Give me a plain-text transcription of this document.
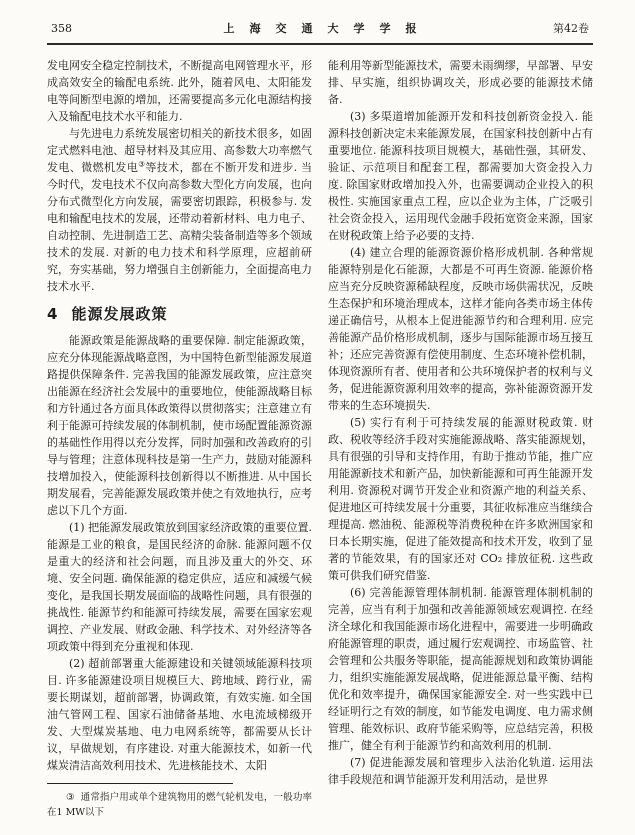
358	上海交通大学学报	第42卷

发电网安全稳定控制技术，不断提高电网管理水平，形成高效安全的输配电系统. 此外，随着风电、太阳能发电等间断型电源的增加，还需要提高多元化电源结构接入及输配电技术水平和能力.

与先进电力系统发展密切相关的新技术很多，如固定式燃料电池、超导材料及其应用、高参数大功率燃气发电、微燃机发电③等技术，都在不断开发和进步. 当今时代，发电技术不仅向高参数大型化方向发展，也向分布式微型化方向发展，需要密切跟踪，积极参与. 发电和输配电技术的发展，还带动着新材料、电力电子、自动控制、先进制造工艺、高精尖装备制造等多个领域技术的发展. 对新的电力技术和科学原理，应超前研究，夯实基础，努力增强自主创新能力，全面提高电力技术水平.

4 能源发展政策

能源政策是能源战略的重要保障. 制定能源政策，应充分体现能源战略意图，为中国特色新型能源发展道路提供保障条件. 完善我国的能源发展政策，应注意突出能源在经济社会发展中的重要地位，使能源战略目标和方针通过各方面具体政策得以贯彻落实；注意建立有利于能源可持续发展的体制机制，使市场配置能源资源的基础性作用得以充分发挥，同时加强和改善政府的引导与管理；注意体现科技是第一生产力，鼓励对能源科技增加投入，使能源科技创新得以不断推进. 从中国长期发展看，完善能源发展政策并使之有效地执行，应考虑以下几个方面.

(1) 把能源发展政策放到国家经济政策的重要位置. 能源是工业的粮食，是国民经济的命脉. 能源问题不仅是重大的经济和社会问题，而且涉及重大的外交、环境、安全问题. 确保能源的稳定供应，适应和减缓气候变化，是我国长期发展面临的战略性问题，具有很强的挑战性. 能源节约和能源可持续发展，需要在国家宏观调控、产业发展、财政金融、科学技术、对外经济等各项政策中得到充分重视和体现.

(2) 超前部署重大能源建设和关键领域能源科技项目. 许多能源建设项目规模巨大、跨地域、跨行业，需要长期谋划，超前部署，协调政策，有效实施. 如全国油气管网工程、国家石油储备基地、水电流域梯级开发、大型煤炭基地、电力电网系统等，都需要从长计议，早做规划，有序建设. 对重大能源技术，如新一代煤炭清洁高效利用技术、先进核能技术、太阳

③ 通常指户用或单个建筑物用的燃气轮机发电，一般功率在1 MW以下

能利用等新型能源技术，需要未雨绸缪，早部署、早安排、早实施，组织协调攻关，形成必要的能源技术储备.

(3) 多渠道增加能源开发和科技创新资金投入. 能源科技创新决定未来能源发展，在国家科技创新中占有重要地位. 能源科技项目规模大，基础性强，其研发、验证、示范项目和配套工程，都需要加大资金投入力度. 除国家财政增加投入外，也需要调动企业投入的积极性. 实施国家重点工程，应以企业为主体，广泛吸引社会资金投入，运用现代金融手段拓宽资金来源，国家在财税政策上给予必要的支持.

(4) 建立合理的能源资源价格形成机制. 各种常规能源特别是化石能源，大都是不可再生资源. 能源价格应当充分反映资源稀缺程度，反映市场供需状况，反映生态保护和环境治理成本，这样才能向各类市场主体传递正确信号，从根本上促进能源节约和合理利用. 应完善能源产品价格形成机制，逐步与国际能源市场互接互补；还应完善资源有偿使用制度、生态环境补偿机制，体现资源所有者、使用者和公共环境保护者的权利与义务，促进能源资源利用效率的提高，弥补能源资源开发带来的生态环境损失.

(5) 实行有利于可持续发展的能源财税政策. 财政、税收等经济手段对实施能源战略、落实能源规划，具有很强的引导和支持作用，有助于推动节能，推广应用能源新技术和新产品，加快新能源和可再生能源开发利用. 资源税对调节开发企业和资源产地的利益关系、促进地区可持续发展十分重要，其征收标准应当继续合理提高. 燃油税、能源税等消费税种在许多欧洲国家和日本长期实施，促进了能效提高和技术开发，收到了显著的节能效果，有的国家还对 CO₂ 排放征税. 这些政策可供我们研究借鉴.

(6) 完善能源管理体制机制. 能源管理体制机制的完善，应当有利于加强和改善能源领域宏观调控. 在经济全球化和我国能源市场化进程中，需要进一步明确政府能源管理的职责，通过履行宏观调控、市场监管、社会管理和公共服务等职能，提高能源规划和政策协调能力，组织实施能源发展战略，促进能源总量平衡、结构优化和效率提升，确保国家能源安全. 对一些实践中已经证明行之有效的制度，如节能发电调度、电力需求侧管理、能效标识、政府节能采购等，应总结完善，积极推广，健全有利于能源节约和高效利用的机制.

(7) 促进能源发展和管理步入法治化轨道. 运用法律手段规范和调节能源开发利用活动，是世界
